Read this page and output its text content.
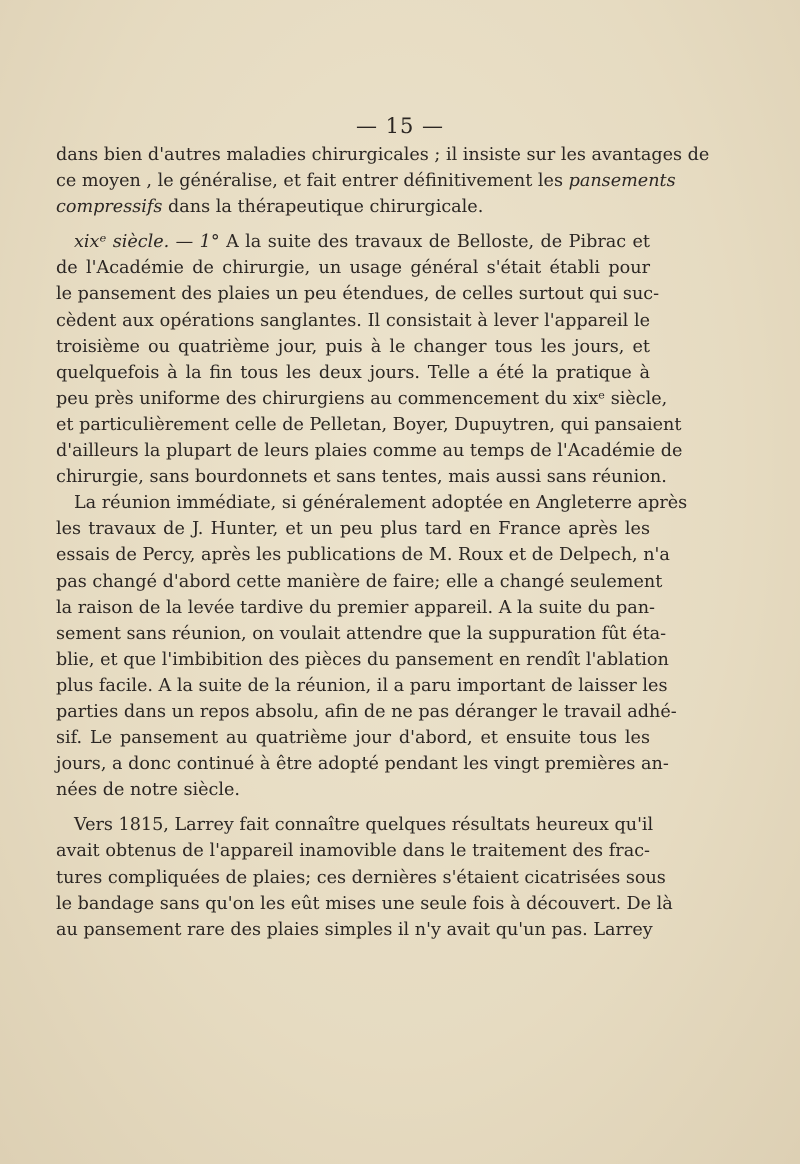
— 15 —
dans bien d'autres maladies chirurgicales ; il insiste sur les avantages de
ce moyen , le généralise, et fait entrer définitivement les pansements
compressifs dans la thérapeutique chirurgicale.
xixᵉ siècle. — 1° A la suite des travaux de Belloste, de Pibrac et
de l'Académie de chirurgie, un usage général s'était établi pour
le pansement des plaies un peu étendues, de celles surtout qui suc-
cèdent aux opérations sanglantes. Il consistait à lever l'appareil le
troisième ou quatrième jour, puis à le changer tous les jours, et
quelquefois à la fin tous les deux jours. Telle a été la pratique à
peu près uniforme des chirurgiens au commencement du xixᵉ siècle,
et particulièrement celle de Pelletan, Boyer, Dupuytren, qui pansaient
d'ailleurs la plupart de leurs plaies comme au temps de l'Académie de
chirurgie, sans bourdonnets et sans tentes, mais aussi sans réunion.
La réunion immédiate, si généralement adoptée en Angleterre après
les travaux de J. Hunter, et un peu plus tard en France après les
essais de Percy, après les publications de M. Roux et de Delpech, n'a
pas changé d'abord cette manière de faire; elle a changé seulement
la raison de la levée tardive du premier appareil. A la suite du pan-
sement sans réunion, on voulait attendre que la suppuration fût éta-
blie, et que l'imbibition des pièces du pansement en rendît l'ablation
plus facile. A la suite de la réunion, il a paru important de laisser les
parties dans un repos absolu, afin de ne pas déranger le travail adhé-
sif. Le pansement au quatrième jour d'abord, et ensuite tous les
jours, a donc continué à être adopté pendant les vingt premières an-
nées de notre siècle.
Vers 1815, Larrey fait connaître quelques résultats heureux qu'il
avait obtenus de l'appareil inamovible dans le traitement des frac-
tures compliquées de plaies; ces dernières s'étaient cicatrisées sous
le bandage sans qu'on les eût mises une seule fois à découvert. De là
au pansement rare des plaies simples il n'y avait qu'un pas. Larrey
